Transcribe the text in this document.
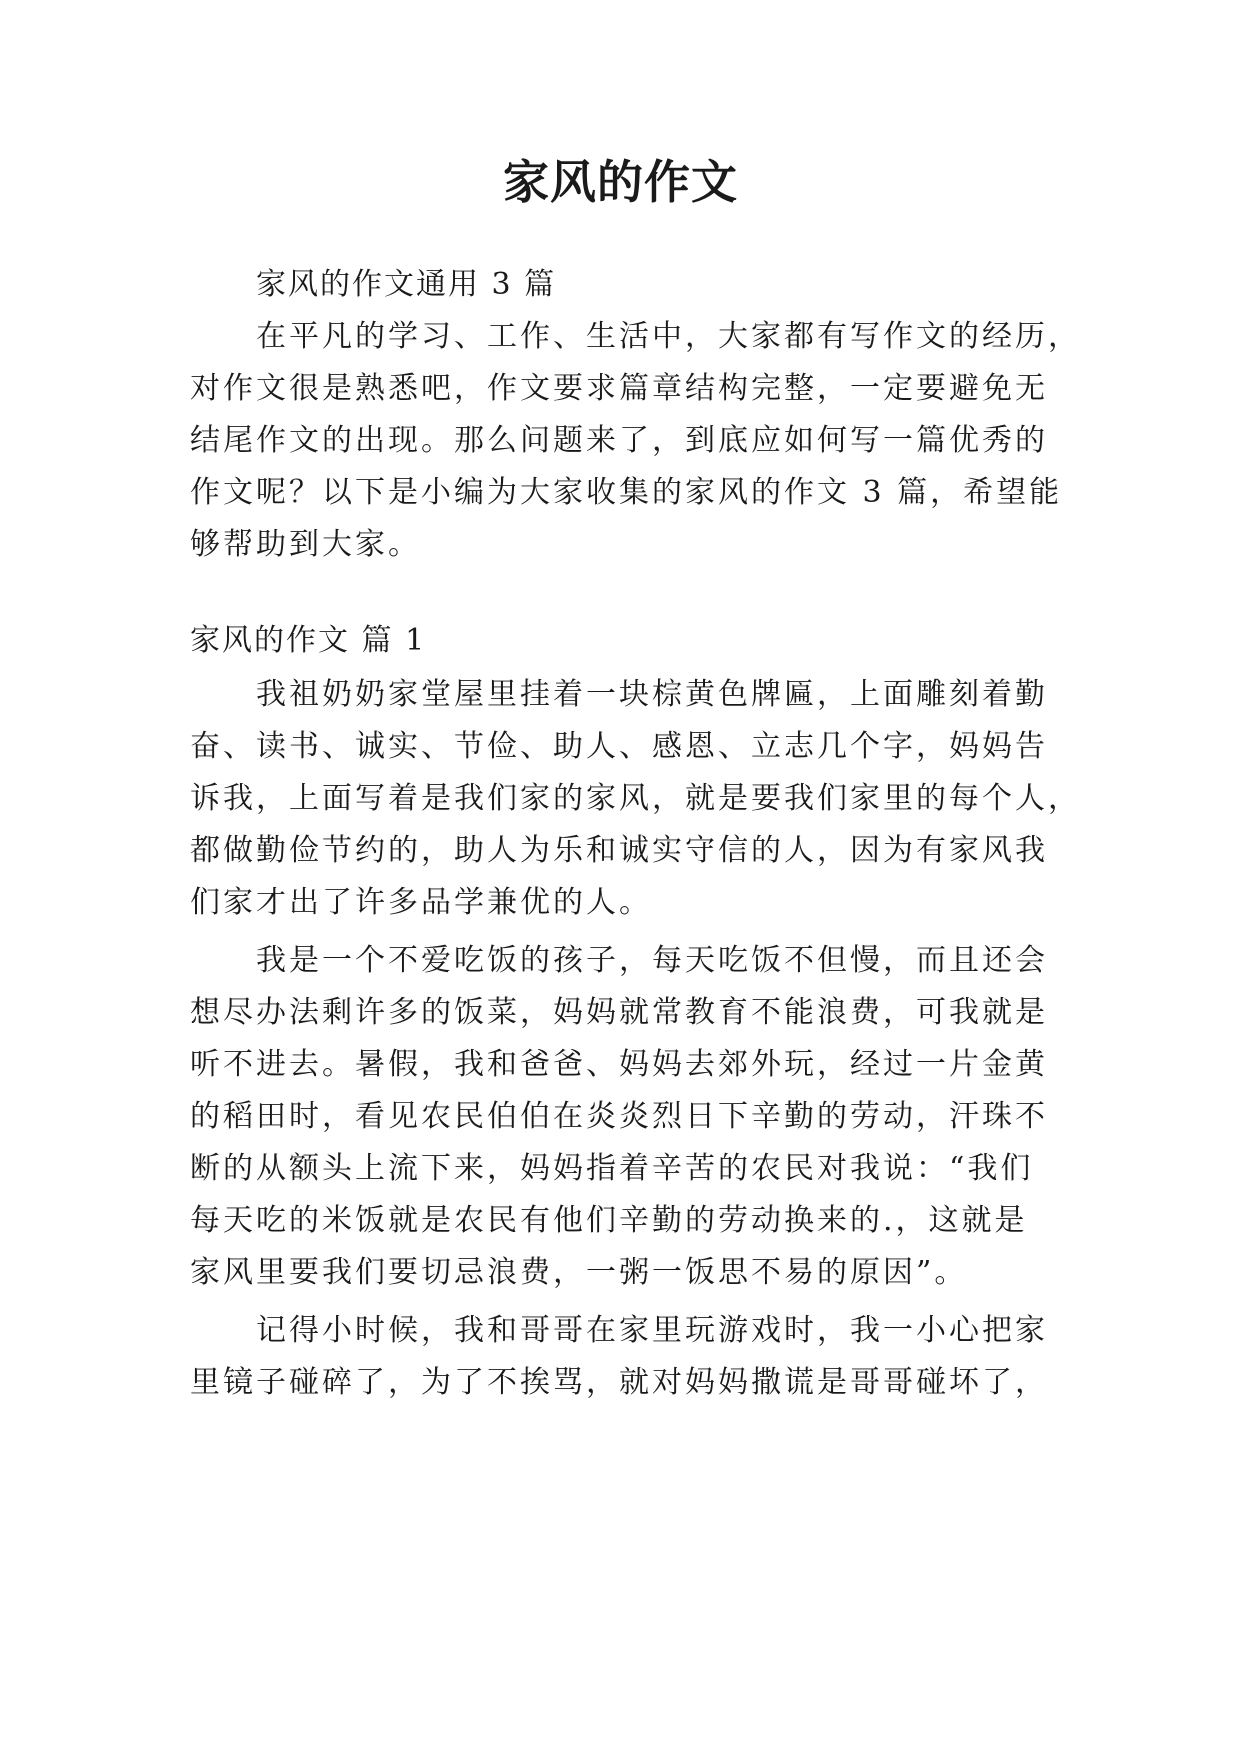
家风的作文
家风的作文通用 3 篇
在平凡的学习、工作、生活中，大家都有写作文的经历，
对作文很是熟悉吧，作文要求篇章结构完整，一定要避免无
结尾作文的出现。那么问题来了，到底应如何写一篇优秀的
作文呢？以下是小编为大家收集的家风的作文 3 篇，希望能
够帮助到大家。
家风的作文 篇 1
我祖奶奶家堂屋里挂着一块棕黄色牌匾，上面雕刻着勤
奋、读书、诚实、节俭、助人、感恩、立志几个字，妈妈告
诉我，上面写着是我们家的家风，就是要我们家里的每个人，
都做勤俭节约的，助人为乐和诚实守信的人，因为有家风我
们家才出了许多品学兼优的人。
我是一个不爱吃饭的孩子，每天吃饭不但慢，而且还会
想尽办法剩许多的饭菜，妈妈就常教育不能浪费，可我就是
听不进去。暑假，我和爸爸、妈妈去郊外玩，经过一片金黄
的稻田时，看见农民伯伯在炎炎烈日下辛勤的劳动，汗珠不
断的从额头上流下来，妈妈指着辛苦的农民对我说：“我们
每天吃的米饭就是农民有他们辛勤的劳动换来的.，这就是
家风里要我们要切忌浪费，一粥一饭思不易的原因”。
记得小时候，我和哥哥在家里玩游戏时，我一小心把家
里镜子碰碎了，为了不挨骂，就对妈妈撒谎是哥哥碰坏了，
